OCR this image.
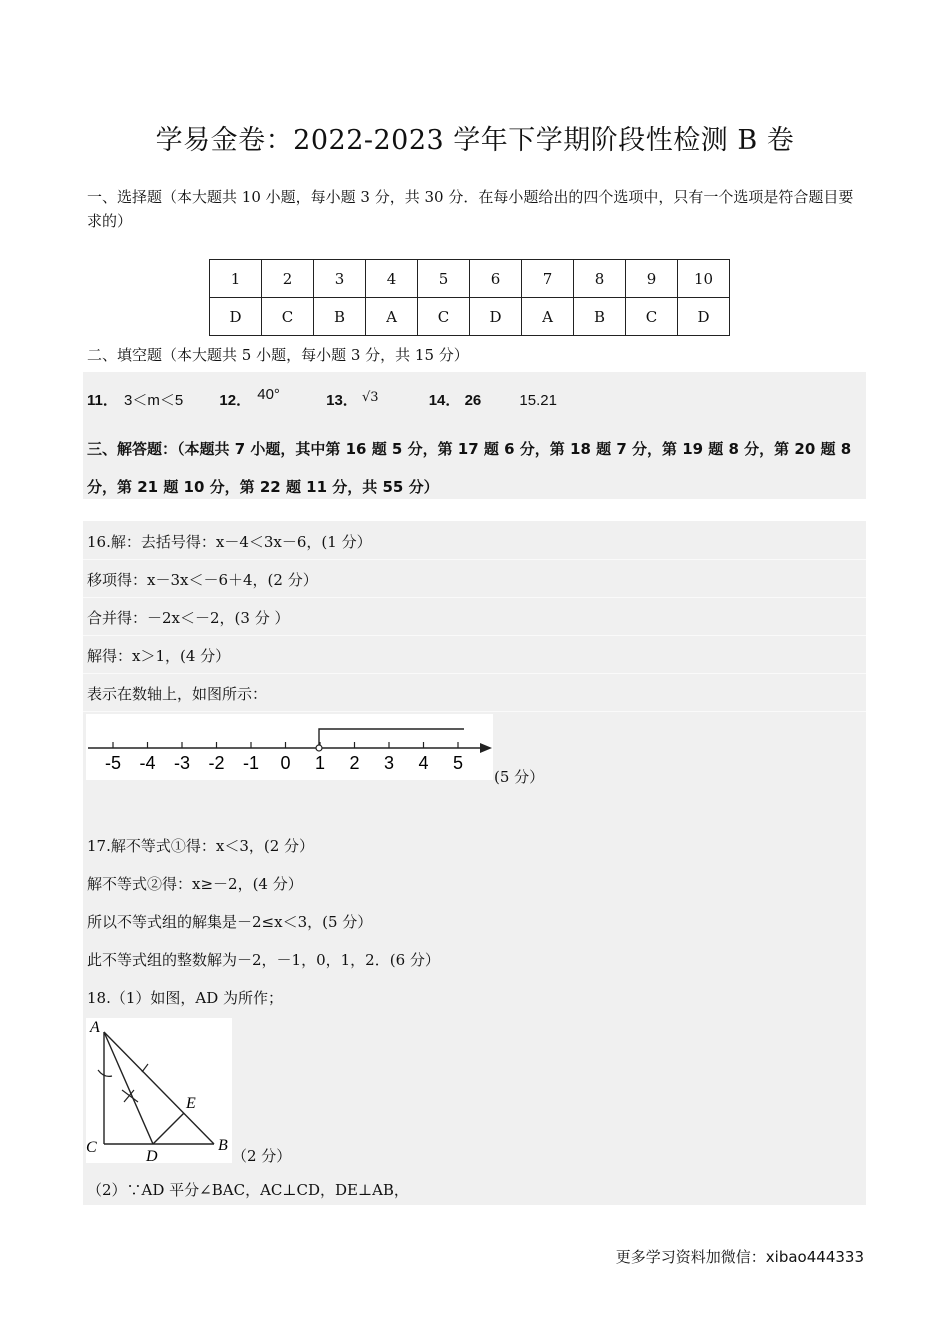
学易金卷：2022-2023 学年下学期阶段性检测 B 卷
一、选择题（本大题共 10 小题，每小题 3 分，共 30 分．在每小题给出的四个选项中，只有一个选项是符合题目要求的）
1	2	3	4	5	6	7	8	9	10
D	C	B	A	C	D	A	B	C	D
二、填空题（本大题共 5 小题，每小题 3 分，共 15 分）
11． 3＜m＜5 12． 40°	13． √3	14． 26	15.21
三、解答题：（本题共 7 小题，其中第 16 题 5 分，第 17 题 6 分，第 18 题 7 分，第 19 题 8 分，第 20 题 8 分，第 21 题 10 分，第 22 题 11 分，共 55 分）
16.解：去括号得：x－4＜3x－6，(1 分）
移项得：x－3x＜－6＋4，(2 分）
合并得：－2x＜－2，(3 分 ）
解得：x＞1，(4 分）
表示在数轴上，如图所示：
-5 -4 -3 -2 -1 0 1 2 3 4 5
(5 分）
17.解不等式①得：x＜3，(2 分）
解不等式②得：x≥－2，(4 分）
所以不等式组的解集是－2≤x＜3，(5 分）
此不等式组的整数解为－2，－1，0，1，2．(6 分）
18.（1）如图，AD 为所作；
A
B
C
D
E
（2 分）
（2）∵AD 平分∠BAC，AC⊥CD，DE⊥AB，
更多学习资料加微信：xibao444333
